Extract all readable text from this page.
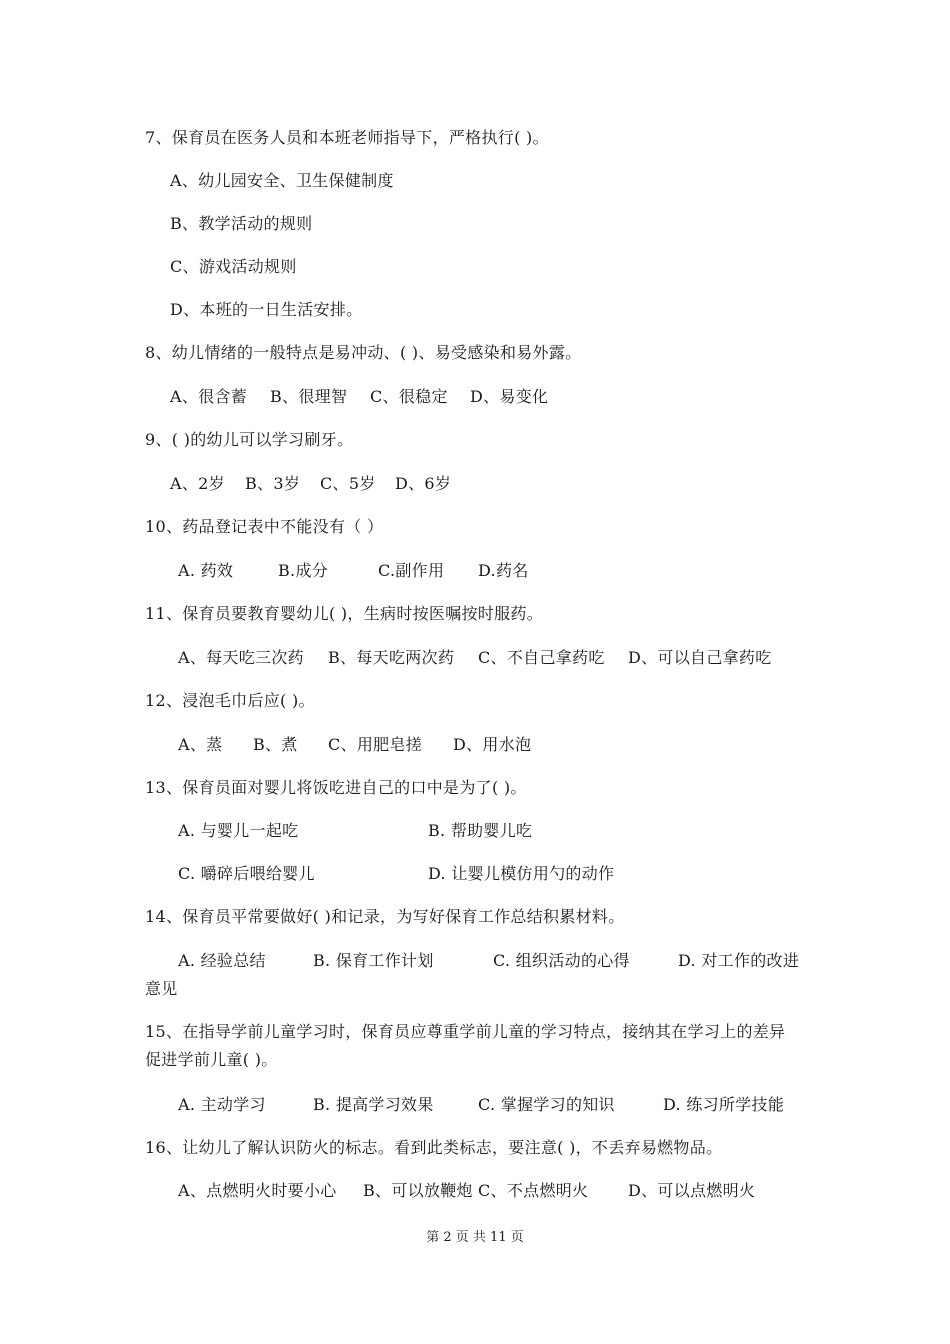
7、保育员在医务人员和本班老师指导下，严格执行( )。
A、幼儿园安全、卫生保健制度
B、教学活动的规则
C、游戏活动规则
D、本班的一日生活安排。
8、幼儿情绪的一般特点是易冲动、( )、易受感染和易外露。
A、很含蓄 B、很理智 C、很稳定 D、易变化
9、( )的幼儿可以学习刷牙。
A、2岁 B、3岁 C、5岁 D、6岁
10、药品登记表中不能没有（ ）
A. 药效	B.成分	C.副作用 D.药名
11、保育员要教育婴幼儿( )，生病时按医嘱按时服药。
A、每天吃三次药 B、每天吃两次药 C、不自己拿药吃 D、可以自己拿药吃
12、浸泡毛巾后应( )。
A、蒸 B、煮 C、用肥皂搓 D、用水泡
13、保育员面对婴儿将饭吃进自己的口中是为了( )。
A. 与婴儿一起吃	B. 帮助婴儿吃
C. 嚼碎后喂给婴儿	D. 让婴儿模仿用勺的动作
14、保育员平常要做好( )和记录，为写好保育工作总结积累材料。
A. 经验总结	B. 保育工作计划	C. 组织活动的心得	D. 对工作的改进
意见
15、在指导学前儿童学习时，保育员应尊重学前儿童的学习特点，接纳其在学习上的差异
促进学前儿童( )。
A. 主动学习	B. 提高学习效果	C. 掌握学习的知识	D. 练习所学技能
16、让幼儿了解认识防火的标志。看到此类标志，要注意( )，不丢弃易燃物品。
A、点燃明火时要小心 B、可以放鞭炮 C、不点燃明火 D、可以点燃明火
第 2 页 共 11 页
